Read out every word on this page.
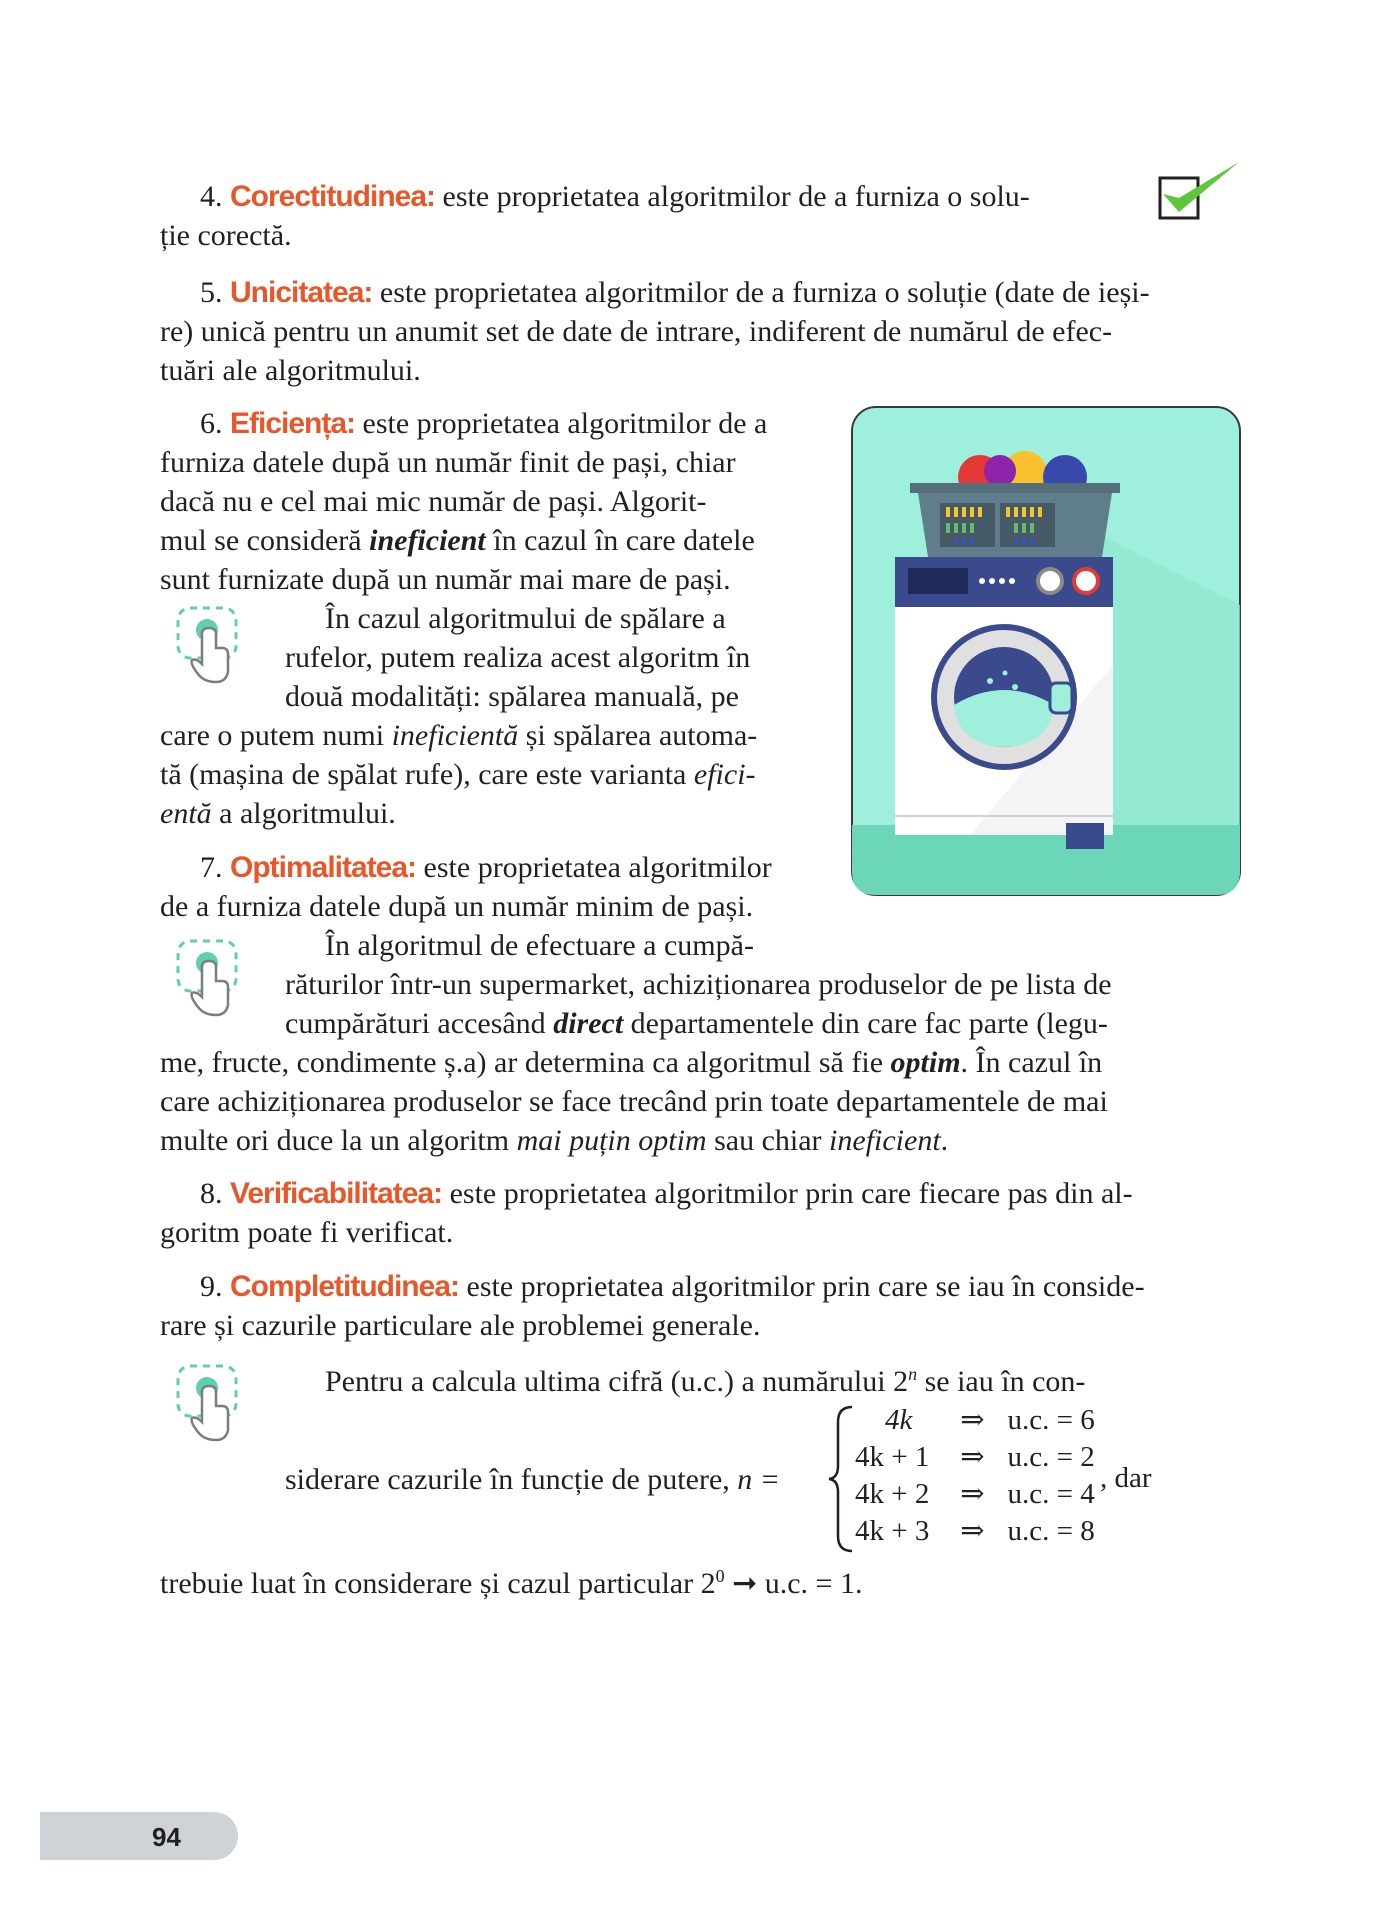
4. Corectitudinea: este proprietatea algoritmilor de a furniza o solu-
ție corectă.
5. Unicitatea: este proprietatea algoritmilor de a furniza o soluție (date de ieși-
re) unică pentru un anumit set de date de intrare, indiferent de numărul de efec-
tuări ale algoritmului.
6. Eficiența: este proprietatea algoritmilor de a
furniza datele după un număr finit de pași, chiar
dacă nu e cel mai mic număr de pași. Algorit-
mul se consideră ineficient în cazul în care datele
sunt furnizate după un număr mai mare de pași.
În cazul algoritmului de spălare a
rufelor, putem realiza acest algoritm în
două modalități: spălarea manuală, pe
care o putem numi ineficientă și spălarea automa-
tă (mașina de spălat rufe), care este varianta efici-
entă a algoritmului.
7. Optimalitatea: este proprietatea algoritmilor
de a furniza datele după un număr minim de pași.
În algoritmul de efectuare a cumpă-
răturilor într-un supermarket, achiziționarea produselor de pe lista de
cumpărături accesând direct departamentele din care fac parte (legu-
me, fructe, condimente ș.a) ar determina ca algoritmul să fie optim. În cazul în
care achiziționarea produselor se face trecând prin toate departamentele de mai
multe ori duce la un algoritm mai puțin optim sau chiar ineficient.
8. Verificabilitatea: este proprietatea algoritmilor prin care fiecare pas din al-
goritm poate fi verificat.
9. Completitudinea: este proprietatea algoritmilor prin care se iau în conside-
rare și cazurile particulare ale problemei generale.
Pentru a calcula ultima cifră (u.c.) a numărului 2$^n$ se iau în con-
siderare cazurile în funcție de putere, n =
4k ⇒ u.c. = 6
4k + 1 ⇒ u.c. = 2
4k + 2 ⇒ u.c. = 4
4k + 3 ⇒ u.c. = 8
, dar
trebuie luat în considerare și cazul particular $2^0$ ➞ u.c. = 1.
94
